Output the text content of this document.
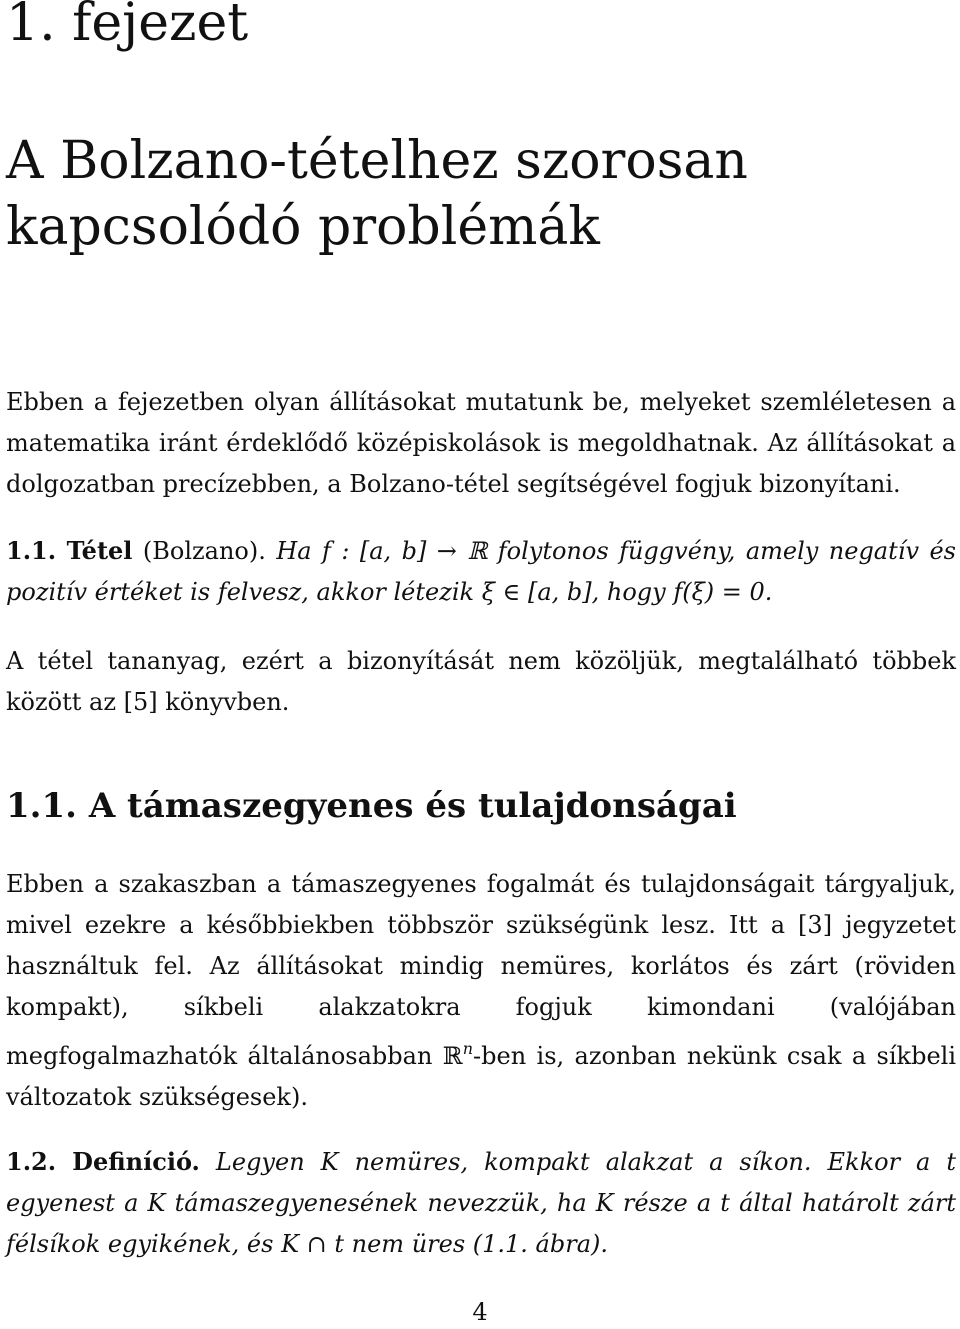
1. fejezet
A Bolzano-tételhez szorosan
kapcsolódó problémák

Ebben a fejezetben olyan állításokat mutatunk be, melyeket szemléletesen a matematika iránt érdeklődő középiskolások is megoldhatnak. Az állításokat a dolgozatban precízebben, a Bolzano-tétel segítségével fogjuk bizonyítani.

1.1. Tétel (Bolzano). Ha f : [a, b] → ℝ folytonos függvény, amely negatív és pozitív értéket is felvesz, akkor létezik ξ ∈ [a, b], hogy f(ξ) = 0.

A tétel tananyag, ezért a bizonyítását nem közöljük, megtalálható többek között az [5] könyvben.

1.1. A támaszegyenes és tulajdonságai

Ebben a szakaszban a támaszegyenes fogalmát és tulajdonságait tárgyaljuk, mivel ezekre a későbbiekben többször szükségünk lesz. Itt a [3] jegyzetet használtuk fel. Az állításokat mindig nemüres, korlátos és zárt (röviden kompakt), síkbeli alakzatokra fogjuk kimondani (valójában megfogalmazhatók általánosabban ℝ$^n$-ben is, azonban nekünk csak a síkbeli változatok szükségesek).

1.2. Definíció. Legyen K nemüres, kompakt alakzat a síkon. Ekkor a t egyenest a K támaszegyenesének nevezzük, ha K része a t által határolt zárt félsíkok egyikének, és K ∩ t nem üres (1.1. ábra).

4
